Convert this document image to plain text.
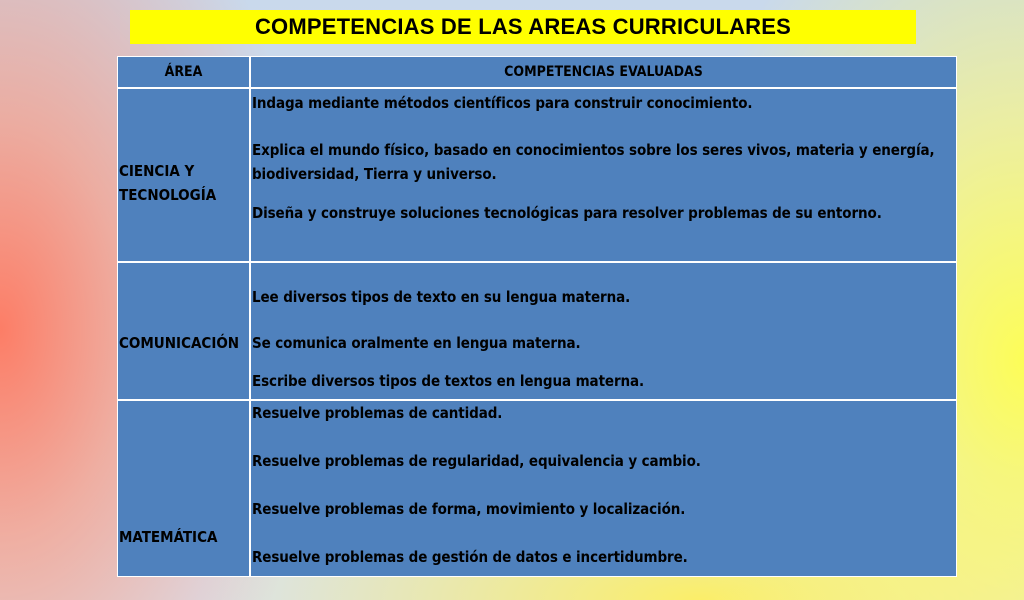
COMPETENCIAS DE LAS AREAS CURRICULARES
ÁREA	COMPETENCIAS EVALUADAS
CIENCIA Y TECNOLOGÍA
Indaga mediante métodos científicos para construir conocimiento.
Explica el mundo físico, basado en conocimientos sobre los seres vivos, materia y energía, biodiversidad, Tierra y universo.
Diseña y construye soluciones tecnológicas para resolver problemas de su entorno.
COMUNICACIÓN
Lee diversos tipos de texto en su lengua materna.
Se comunica oralmente en lengua materna.
Escribe diversos tipos de textos en lengua materna.
MATEMÁTICA
Resuelve problemas de cantidad.
Resuelve problemas de regularidad, equivalencia y cambio.
Resuelve problemas de forma, movimiento y localización.
Resuelve problemas de gestión de datos e incertidumbre.
